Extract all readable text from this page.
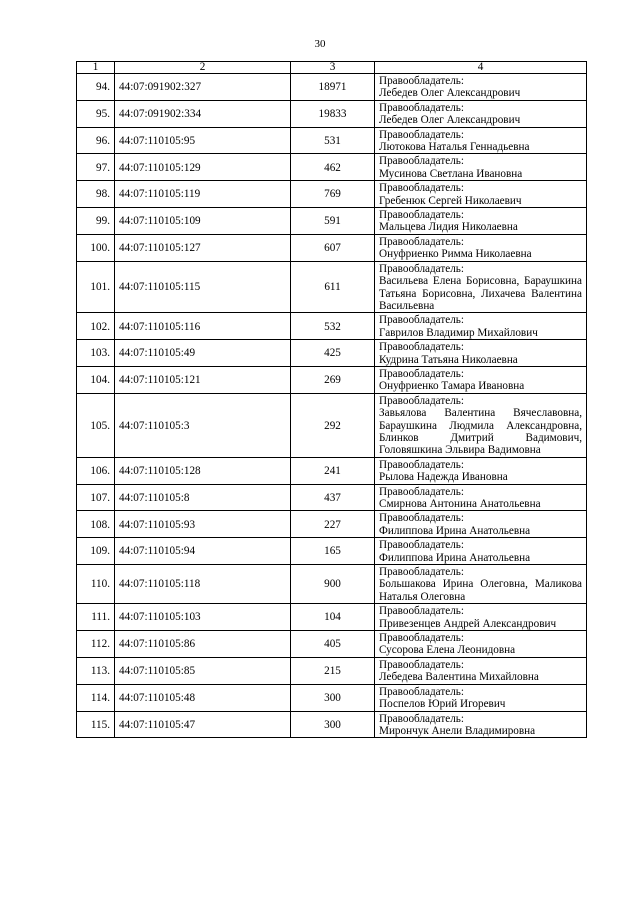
30
1	2	3	4
94.	44:07:091902:327	18971	Правообладатель:
Лебедев Олег Александрович

95.	44:07:091902:334	19833	Правообладатель:
Лебедев Олег Александрович

96.	44:07:110105:95	531	Правообладатель:
Лютокова Наталья Геннадьевна

97.	44:07:110105:129	462	Правообладатель:
Мусинова Светлана Ивановна

98.	44:07:110105:119	769	Правообладатель:
Гребенюк Сергей Николаевич

99.	44:07:110105:109	591	Правообладатель:
Мальцева Лидия Николаевна

100.	44:07:110105:127	607	Правообладатель:
Онуфриенко Римма Николаевна

101.	44:07:110105:115	611	Правообладатель:
Васильева Елена Борисовна, Бараушкина Татьяна Борисовна, Лихачева Валентина Васильевна

102.	44:07:110105:116	532	Правообладатель:
Гаврилов Владимир Михайлович

103.	44:07:110105:49	425	Правообладатель:
Кудрина Татьяна Николаевна

104.	44:07:110105:121	269	Правообладатель:
Онуфриенко Тамара Ивановна

105.	44:07:110105:3	292	Правообладатель:
Завьялова Валентина Вячеславовна, Бараушкина Людмила Александровна, Блинков Дмитрий Вадимович, Головяшкина Эльвира Вадимовна

106.	44:07:110105:128	241	Правообладатель:
Рылова Надежда Ивановна

107.	44:07:110105:8	437	Правообладатель:
Смирнова Антонина Анатольевна

108.	44:07:110105:93	227	Правообладатель:
Филиппова Ирина Анатольевна

109.	44:07:110105:94	165	Правообладатель:
Филиппова Ирина Анатольевна

110.	44:07:110105:118	900	Правообладатель:
Большакова Ирина Олеговна, Маликова Наталья Олеговна

111.	44:07:110105:103	104	Правообладатель:
Привезенцев Андрей Александрович

112.	44:07:110105:86	405	Правообладатель:
Сусорова Елена Леонидовна

113.	44:07:110105:85	215	Правообладатель:
Лебедева Валентина Михайловна

114.	44:07:110105:48	300	Правообладатель:
Поспелов Юрий Игоревич

115.	44:07:110105:47	300	Правообладатель:
Мирончук Анели Владимировна
